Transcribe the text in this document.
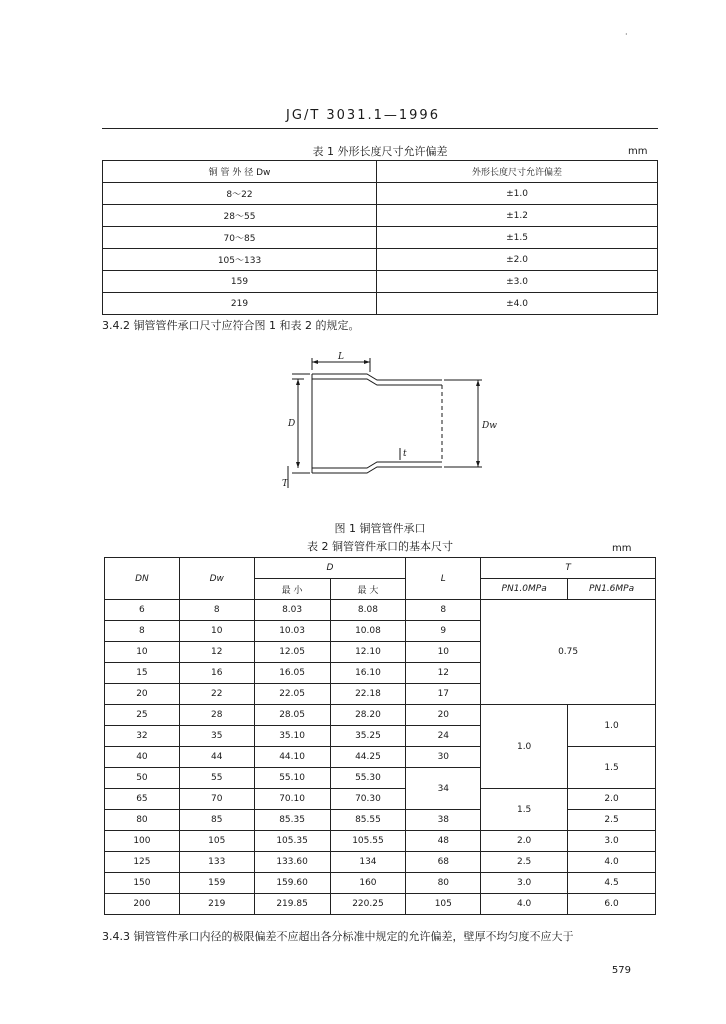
·
JG/T 3031.1—1996
表 1 外形长度尺寸允许偏差	mm
铜 管 外 径 Dw	外形长度尺寸允许偏差
8～22	±1.0
28～55	±1.2
70～85	±1.5
105～133	±2.0
159	±3.0
219	±4.0
3.4.2 铜管管件承口尺寸应符合图 1 和表 2 的规定。
L
D	Dw
T
t
图 1 铜管管件承口
表 2 铜管管件承口的基本尺寸	mm
DN	Dw	D		L	T	
		最 小	最 大		PN1.0MPa	PN1.6MPa
6	8	8.03	8.08	8	0.75	
8	10	10.03	10.08	9		
10	12	12.05	12.10	10		
15	16	16.05	16.10	12		
20	22	22.05	22.18	17		
25	28	28.05	28.20	20	1.0	1.0
32	35	35.10	35.25	24		
40	44	44.10	44.25	30		1.5
50	55	55.10	55.30	34		
65	70	70.10	70.30		1.5	2.0
80	85	85.35	85.55	38		2.5
100	105	105.35	105.55	48	2.0	3.0
125	133	133.60	134	68	2.5	4.0
150	159	159.60	160	80	3.0	4.5
200	219	219.85	220.25	105	4.0	6.0
3.4.3 铜管管件承口内径的极限偏差不应超出各分标准中规定的允许偏差，壁厚不均匀度不应大于
579
